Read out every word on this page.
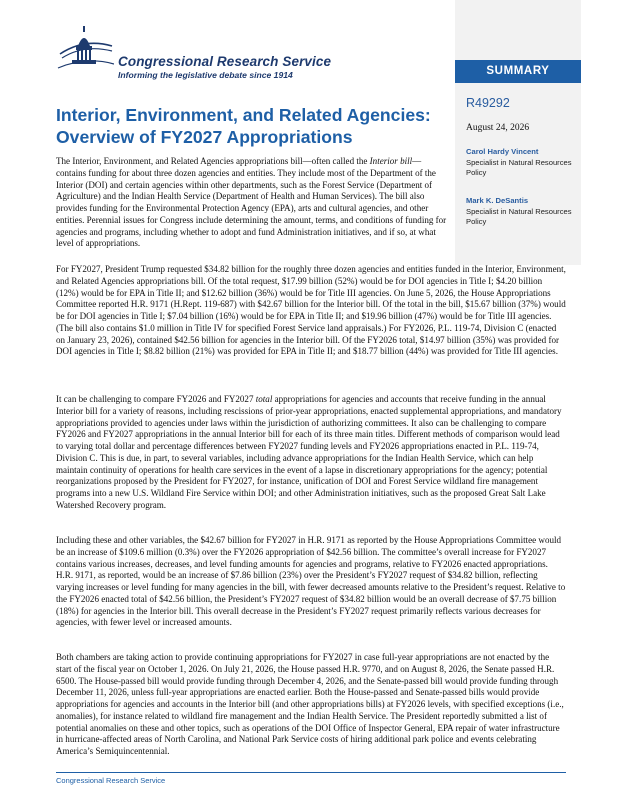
Congressional Research Service
Informing the legislative debate since 1914	SUMMARY
R49292
August 24, 2026
Carol Hardy Vincent
Specialist in Natural Resources Policy
Mark K. DeSantis
Specialist in Natural Resources Policy
Interior, Environment, and Related Agencies: Overview of FY2027 Appropriations

The Interior, Environment, and Related Agencies appropriations bill—often called the Interior bill—contains funding for about three dozen agencies and entities. They include most of the Department of the Interior (DOI) and certain agencies within other departments, such as the Forest Service (Department of Agriculture) and the Indian Health Service (Department of Health and Human Services). The bill also provides funding for the Environmental Protection Agency (EPA), arts and cultural agencies, and other entities. Perennial issues for Congress include determining the amount, terms, and conditions of funding for agencies and programs, including whether to adopt and fund Administration initiatives, and if so, at what level of appropriations.

For FY2027, President Trump requested $34.82 billion for the roughly three dozen agencies and entities funded in the Interior, Environment, and Related Agencies appropriations bill. Of the total request, $17.99 billion (52%) would be for DOI agencies in Title I; $4.20 billion (12%) would be for EPA in Title II; and $12.62 billion (36%) would be for Title III agencies. On June 5, 2026, the House Appropriations Committee reported H.R. 9171 (H.Rept. 119-687) with $42.67 billion for the Interior bill. Of the total in the bill, $15.67 billion (37%) would be for DOI agencies in Title I; $7.04 billion (16%) would be for EPA in Title II; and $19.96 billion (47%) would be for Title III agencies. (The bill also contains $1.0 million in Title IV for specified Forest Service land appraisals.) For FY2026, P.L. 119-74, Division C (enacted on January 23, 2026), contained $42.56 billion for agencies in the Interior bill. Of the FY2026 total, $14.97 billion (35%) was provided for DOI agencies in Title I; $8.82 billion (21%) was provided for EPA in Title II; and $18.77 billion (44%) was provided for Title III agencies.

It can be challenging to compare FY2026 and FY2027 total appropriations for agencies and accounts that receive funding in the annual Interior bill for a variety of reasons, including rescissions of prior-year appropriations, enacted supplemental appropriations, and mandatory appropriations provided to agencies under laws within the jurisdiction of authorizing committees. It also can be challenging to compare FY2026 and FY2027 appropriations in the annual Interior bill for each of its three main titles. Different methods of comparison would lead to varying total dollar and percentage differences between FY2027 funding levels and FY2026 appropriations enacted in P.L. 119-74, Division C. This is due, in part, to several variables, including advance appropriations for the Indian Health Service, which can help maintain continuity of operations for health care services in the event of a lapse in discretionary appropriations for the agency; potential reorganizations proposed by the President for FY2027, for instance, unification of DOI and Forest Service wildland fire management programs into a new U.S. Wildland Fire Service within DOI; and other Administration initiatives, such as the proposed Great Salt Lake Watershed Recovery program.

Including these and other variables, the $42.67 billion for FY2027 in H.R. 9171 as reported by the House Appropriations Committee would be an increase of $109.6 million (0.3%) over the FY2026 appropriation of $42.56 billion. The committee’s overall increase for FY2027 contains various increases, decreases, and level funding amounts for agencies and programs, relative to FY2026 enacted appropriations. H.R. 9171, as reported, would be an increase of $7.86 billion (23%) over the President’s FY2027 request of $34.82 billion, reflecting varying increases or level funding for many agencies in the bill, with fewer decreased amounts relative to the President’s request. Relative to the FY2026 enacted total of $42.56 billion, the President’s FY2027 request of $34.82 billion would be an overall decrease of $7.75 billion (18%) for agencies in the Interior bill. This overall decrease in the President’s FY2027 request primarily reflects various decreases for agencies, with fewer level or increased amounts.

Both chambers are taking action to provide continuing appropriations for FY2027 in case full-year appropriations are not enacted by the start of the fiscal year on October 1, 2026. On July 21, 2026, the House passed H.R. 9770, and on August 8, 2026, the Senate passed H.R. 6500. The House-passed bill would provide funding through December 4, 2026, and the Senate-passed bill would provide funding through December 11, 2026, unless full-year appropriations are enacted earlier. Both the House-passed and Senate-passed bills would provide appropriations for agencies and accounts in the Interior bill (and other appropriations bills) at FY2026 levels, with specified exceptions (i.e., anomalies), for instance related to wildland fire management and the Indian Health Service. The President reportedly submitted a list of potential anomalies on these and other topics, such as operations of the DOI Office of Inspector General, EPA repair of water infrastructure in hurricane-affected areas of North Carolina, and National Park Service costs of hiring additional park police and events celebrating America’s Semiquincentennial.

Congressional Research Service
